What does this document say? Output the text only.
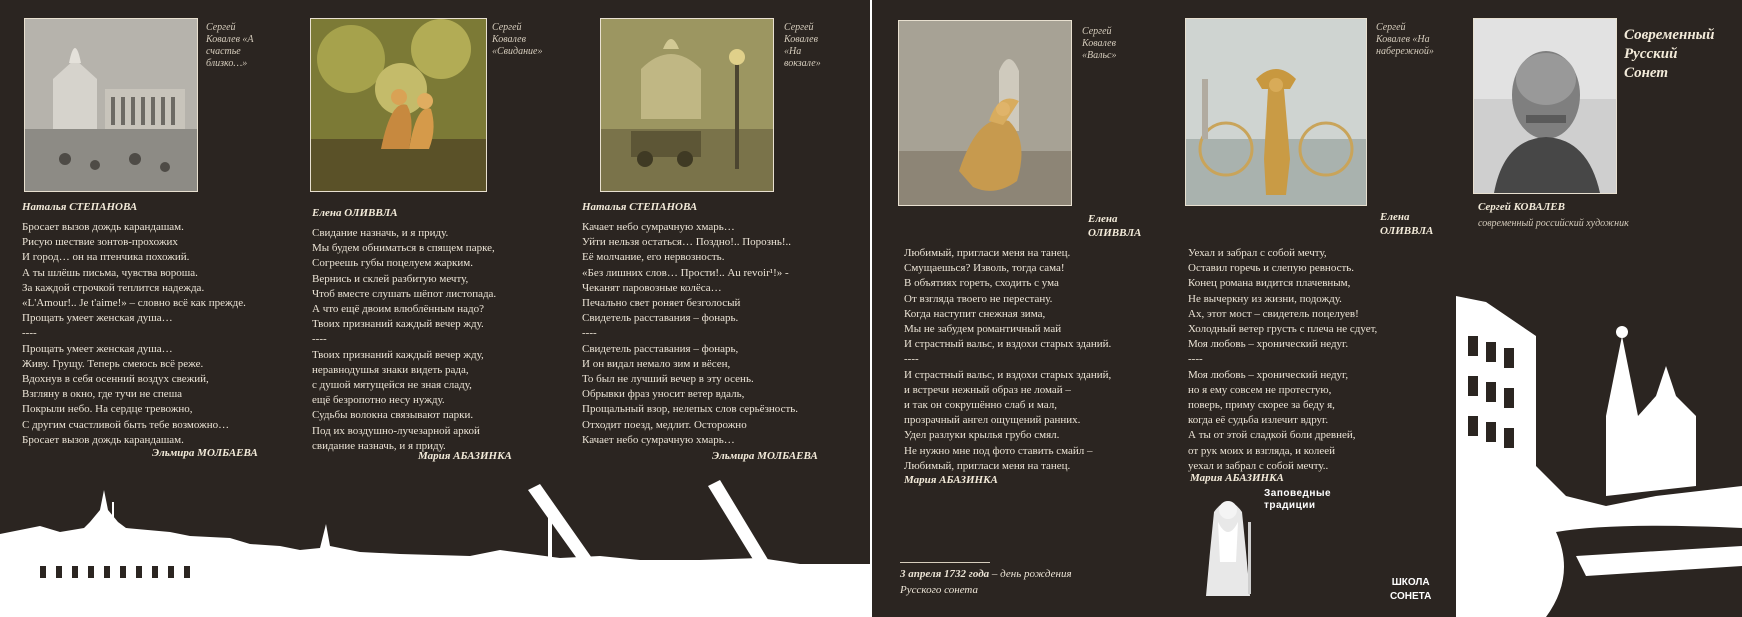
Сергей
Ковалев «А
счастье
близко…»
Сергей
Ковалев
«Свидание»
Сергей
Ковалев
«На
вокзале»
Наталья СТЕПАНОВА

Бросает вызов дождь карандашам.
Рисую шествие зонтов-прохожих
И город… он на птенчика похожий.
А ты шлёшь письма, чувства вороша.
За каждой строчкой теплится надежда.
«L'Amour!.. Je t'aime!» – словно всё как прежде.
Прощать умеет женская душа…
----
Прощать умеет женская душа…
Живу. Грущу. Теперь смеюсь всё реже.
Вдохнув в себя осенний воздух свежий,
Взгляну в окно, где тучи не спеша
Покрыли небо. На сердце тревожно,
С другим счастливой быть тебе возможно…
Бросает вызов дождь карандашам.

Эльмира МОЛБАЕВА
Елена ОЛИВВЛА

Свидание назначь, и я приду.
Мы будем обниматься в спящем парке,
Согреешь губы поцелуем жарким.
Вернись и склей разбитую мечту,
Чтоб вместе слушать шёпот листопада.
А что ещё двоим влюблённым надо?
Твоих признаний каждый вечер жду.
----
Твоих признаний каждый вечер жду,
неравнодушья знаки видеть рада,
с душой мятущейся не зная сладу,
ещё безропотно несу нужду.
Судьбы волокна связывают парки.
Под их воздушно-лучезарной аркой
свидание назначь, и я приду.

Мария АБАЗИНКА
Наталья СТЕПАНОВА

Качает небо сумрачную хмарь…
Уйти нельзя остаться… Поздно!.. Порознь!..
Её молчание, его нервозность.
«Без лишних слов… Прости!.. Au revoir¹!» -
Чеканят паровозные колёса…
Печально свет роняет безголосый
Свидетель расставания – фонарь.
----
Свидетель расставания – фонарь,
И он видал немало зим и вёсен,
То был не лучший вечер в эту осень.
Обрывки фраз уносит ветер вдаль,
Прощальный взор, нелепых слов серьёзность.
Отходит поезд, медлит. Осторожно
Качает небо сумрачную хмарь…

Эльмира МОЛБАЕВА
Сергей
Ковалев
«Вальс»
Сергей
Ковалев «На
набережной»
Современный
Русский
Сонет
Сергей КОВАЛЕВ
современный российский художник
Елена
ОЛИВВЛА

Любимый, пригласи меня на танец.
Смущаешься? Изволь, тогда сама!
В объятиях гореть, сходить с ума
От взгляда твоего не перестану.
Когда наступит снежная зима,
Мы не забудем романтичный май
И страстный вальс, и вздохи старых зданий.
----
И страстный вальс, и вздохи старых зданий,
и встречи нежный образ не ломай –
и так он сокрушённо слаб и мал,
прозрачный ангел ощущений ранних.
Удел разлуки крылья грубо смял.
Не нужно мне под фото ставить смайл –
Любимый, пригласи меня на танец.

Мария АБАЗИНКА
Елена
ОЛИВВЛА

Уехал и забрал с собой мечту,
Оставил горечь и слепую ревность.
Конец романа видится плачевным,
Не вычеркну из жизни, подожду.
Ах, этот мост – свидетель поцелуев!
Холодный ветер грусть с плеча не сдует,
Моя любовь – хронический недуг.
----
Моя любовь – хронический недуг,
но я ему совсем не протестую,
поверь, приму скорее за беду я,
когда её судьба излечит вдруг.
А ты от этой сладкой боли древней,
от рук моих и взгляда, и колеей
уехал и забрал с собой мечту..

Мария АБАЗИНКА
Заповедные
традиции
3 апреля 1732 года – день рождения
Русского сонета
ШКОЛА
СОНЕТА
